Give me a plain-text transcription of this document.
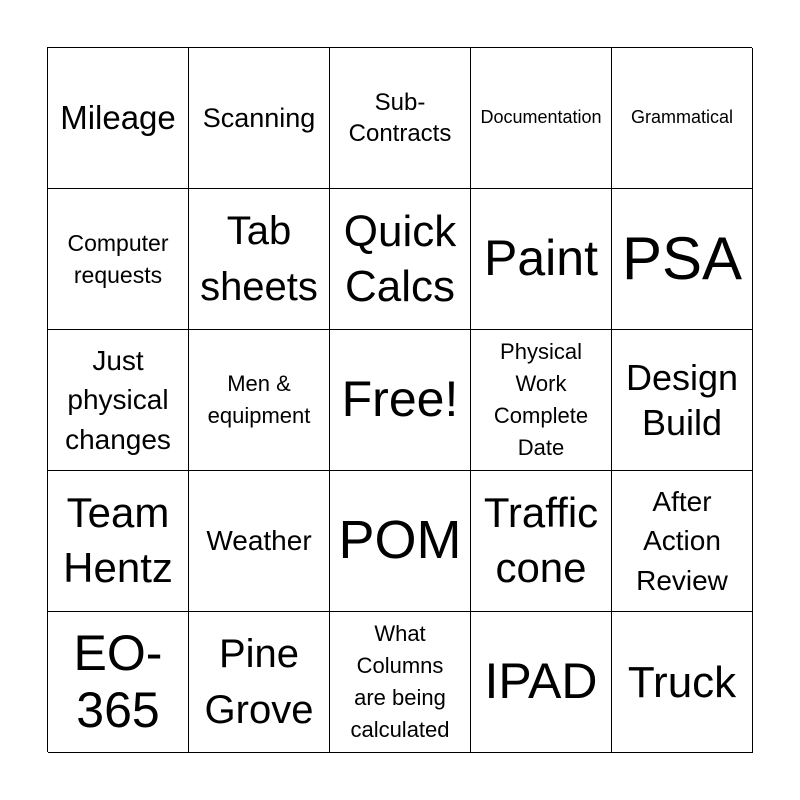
Mileage Scanning
Sub-
Contracts
Documentation Grammatical
Computer
requests
Tab
sheets
Quick
Calcs
Paint PSA
Just
physical
changes
Men &
equipment Free!
Physical
Work
Complete
Date
Design
Build
Team
Hentz
Weather POM Traffic
cone
After
Action
Review
EO-
365
Pine
Grove
What
Columns
are being
calculated
IPAD Truck
